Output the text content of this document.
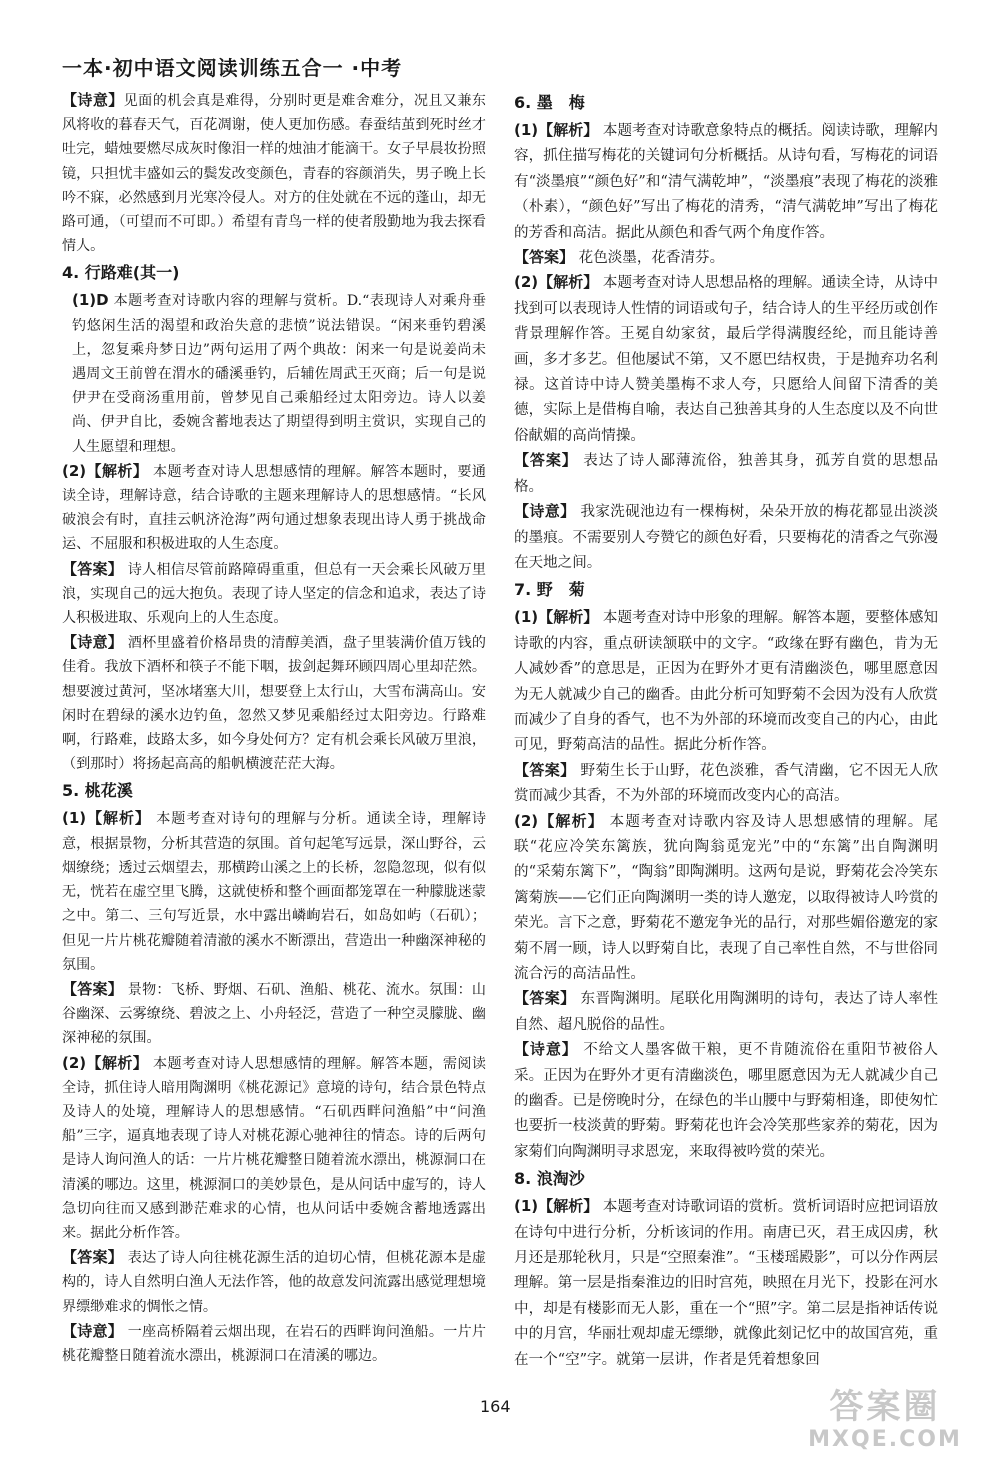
一本·初中语文阅读训练五合一 ·中考

【诗意】见面的机会真是难得，分别时更是难舍难分，况且又兼东风将收的暮春天气，百花凋谢，使人更加伤感。春蚕结茧到死时丝才吐完，蜡烛要燃尽成灰时像泪一样的烛油才能滴干。女子早晨妆扮照镜，只担忧丰盛如云的鬓发改变颜色，青春的容颜消失，男子晚上长吟不寐，必然感到月光寒冷侵人。对方的住处就在不远的蓬山，却无路可通，（可望而不可即。）希望有青鸟一样的使者殷勤地为我去探看情人。

4. 行路难(其一)

(1)D 本题考查对诗歌内容的理解与赏析。D.“表现诗人对乘舟垂钓悠闲生活的渴望和政治失意的悲愤”说法错误。“闲来垂钓碧溪上，忽复乘舟梦日边”两句运用了两个典故：闲来一句是说姜尚未遇周文王前曾在渭水的磻溪垂钓，后辅佐周武王灭商；后一句是说伊尹在受商汤重用前，曾梦见自己乘船经过太阳旁边。诗人以姜尚、伊尹自比，委婉含蓄地表达了期望得到明主赏识，实现自己的人生愿望和理想。

(2)【解析】 本题考查对诗人思想感情的理解。解答本题时，要通读全诗，理解诗意，结合诗歌的主题来理解诗人的思想感情。“长风破浪会有时，直挂云帆济沧海”两句通过想象表现出诗人勇于挑战命运、不屈服和积极进取的人生态度。

【答案】 诗人相信尽管前路障碍重重，但总有一天会乘长风破万里浪，实现自己的远大抱负。表现了诗人坚定的信念和追求，表达了诗人积极进取、乐观向上的人生态度。

【诗意】 酒杯里盛着价格昂贵的清醇美酒，盘子里装满价值万钱的佳肴。我放下酒杯和筷子不能下咽，拔剑起舞环顾四周心里却茫然。想要渡过黄河，坚冰堵塞大川，想要登上太行山，大雪布满高山。安闲时在碧绿的溪水边钓鱼，忽然又梦见乘船经过太阳旁边。行路难啊，行路难，歧路太多，如今身处何方？定有机会乘长风破万里浪，（到那时）将扬起高高的船帆横渡茫茫大海。

5. 桃花溪

(1)【解析】 本题考查对诗句的理解与分析。通读全诗，理解诗意，根据景物，分析其营造的氛围。首句起笔写远景，深山野谷，云烟缭绕；透过云烟望去，那横跨山溪之上的长桥，忽隐忽现，似有似无，恍若在虚空里飞腾，这就使桥和整个画面都笼罩在一种朦胧迷蒙之中。第二、三句写近景，水中露出嶙峋岩石，如岛如屿（石矶）；但见一片片桃花瓣随着清澈的溪水不断漂出，营造出一种幽深神秘的氛围。

【答案】 景物：飞桥、野烟、石矶、渔船、桃花、流水。氛围：山谷幽深、云雾缭绕、碧波之上、小舟轻泛，营造了一种空灵朦胧、幽深神秘的氛围。

(2)【解析】 本题考查对诗人思想感情的理解。解答本题，需阅读全诗，抓住诗人暗用陶渊明《桃花源记》意境的诗句，结合景色特点及诗人的处境，理解诗人的思想感情。“石矶西畔问渔船”中“问渔船”三字，逼真地表现了诗人对桃花源心驰神往的情态。诗的后两句是诗人询问渔人的话：一片片桃花瓣整日随着流水漂出，桃源洞口在清溪的哪边。这里，桃源洞口的美妙景色，是从问话中虚写的，诗人急切向往而又感到渺茫难求的心情，也从问话中委婉含蓄地透露出来。据此分析作答。

【答案】 表达了诗人向往桃花源生活的迫切心情，但桃花源本是虚构的，诗人自然明白渔人无法作答，他的故意发问流露出感觉理想境界缥缈难求的惆怅之情。

【诗意】 一座高桥隔着云烟出现，在岩石的西畔询问渔船。一片片桃花瓣整日随着流水漂出，桃源洞口在清溪的哪边。

6. 墨　梅

(1)【解析】 本题考查对诗歌意象特点的概括。阅读诗歌，理解内容，抓住描写梅花的关键词句分析概括。从诗句看，写梅花的词语有“淡墨痕”“颜色好”和“清气满乾坤”，“淡墨痕”表现了梅花的淡雅（朴素），“颜色好”写出了梅花的清秀，“清气满乾坤”写出了梅花的芳香和高洁。据此从颜色和香气两个角度作答。

【答案】 花色淡墨，花香清芬。

(2)【解析】 本题考查对诗人思想品格的理解。通读全诗，从诗中找到可以表现诗人性情的词语或句子，结合诗人的生平经历或创作背景理解作答。王冕自幼家贫，最后学得满腹经纶，而且能诗善画，多才多艺。但他屡试不第，又不愿巴结权贵，于是抛弃功名利禄。这首诗中诗人赞美墨梅不求人夸，只愿给人间留下清香的美德，实际上是借梅自喻，表达自己独善其身的人生态度以及不向世俗献媚的高尚情操。

【答案】 表达了诗人鄙薄流俗，独善其身，孤芳自赏的思想品格。

【诗意】 我家洗砚池边有一棵梅树，朵朵开放的梅花都显出淡淡的墨痕。不需要别人夸赞它的颜色好看，只要梅花的清香之气弥漫在天地之间。

7. 野　菊

(1)【解析】 本题考查对诗中形象的理解。解答本题，要整体感知诗歌的内容，重点研读颔联中的文字。“政缘在野有幽色，肯为无人减妙香”的意思是，正因为在野外才更有清幽淡色，哪里愿意因为无人就减少自己的幽香。由此分析可知野菊不会因为没有人欣赏而减少了自身的香气，也不为外部的环境而改变自己的内心，由此可见，野菊高洁的品性。据此分析作答。

【答案】 野菊生长于山野，花色淡雅，香气清幽，它不因无人欣赏而减少其香，不为外部的环境而改变内心的高洁。

(2)【解析】 本题考查对诗歌内容及诗人思想感情的理解。尾联“花应冷笑东篱族，犹向陶翁觅宠光”中的“东篱”出自陶渊明的“采菊东篱下”，“陶翁”即陶渊明。这两句是说，野菊花会冷笑东篱菊族——它们正向陶渊明一类的诗人邀宠，以取得被诗人吟赏的荣光。言下之意，野菊花不邀宠争光的品行，对那些媚俗邀宠的家菊不屑一顾，诗人以野菊自比，表现了自己率性自然，不与世俗同流合污的高洁品性。

【答案】 东晋陶渊明。尾联化用陶渊明的诗句，表达了诗人率性自然、超凡脱俗的品性。

【诗意】 不给文人墨客做干粮，更不肯随流俗在重阳节被俗人采。正因为在野外才更有清幽淡色，哪里愿意因为无人就减少自己的幽香。已是傍晚时分，在绿色的半山腰中与野菊相逢，即使匆忙也要折一枝淡黄的野菊。野菊花也许会冷笑那些家养的菊花，因为家菊们向陶渊明寻求恩宠，来取得被吟赏的荣光。

8. 浪淘沙

(1)【解析】 本题考查对诗歌词语的赏析。赏析词语时应把词语放在诗句中进行分析，分析该词的作用。南唐已灭，君王成囚虏，秋月还是那轮秋月，只是“空照秦淮”。“玉楼瑶殿影”，可以分作两层理解。第一层是指秦淮边的旧时宫苑，映照在月光下，投影在河水中，却是有楼影而无人影，重在一个“照”字。第二层是指神话传说中的月宫，华丽壮观却虚无缥缈，就像此刻记忆中的故国宫苑，重在一个“空”字。就第一层讲，作者是凭着想象回

164	答案圈
MXQE.COM
